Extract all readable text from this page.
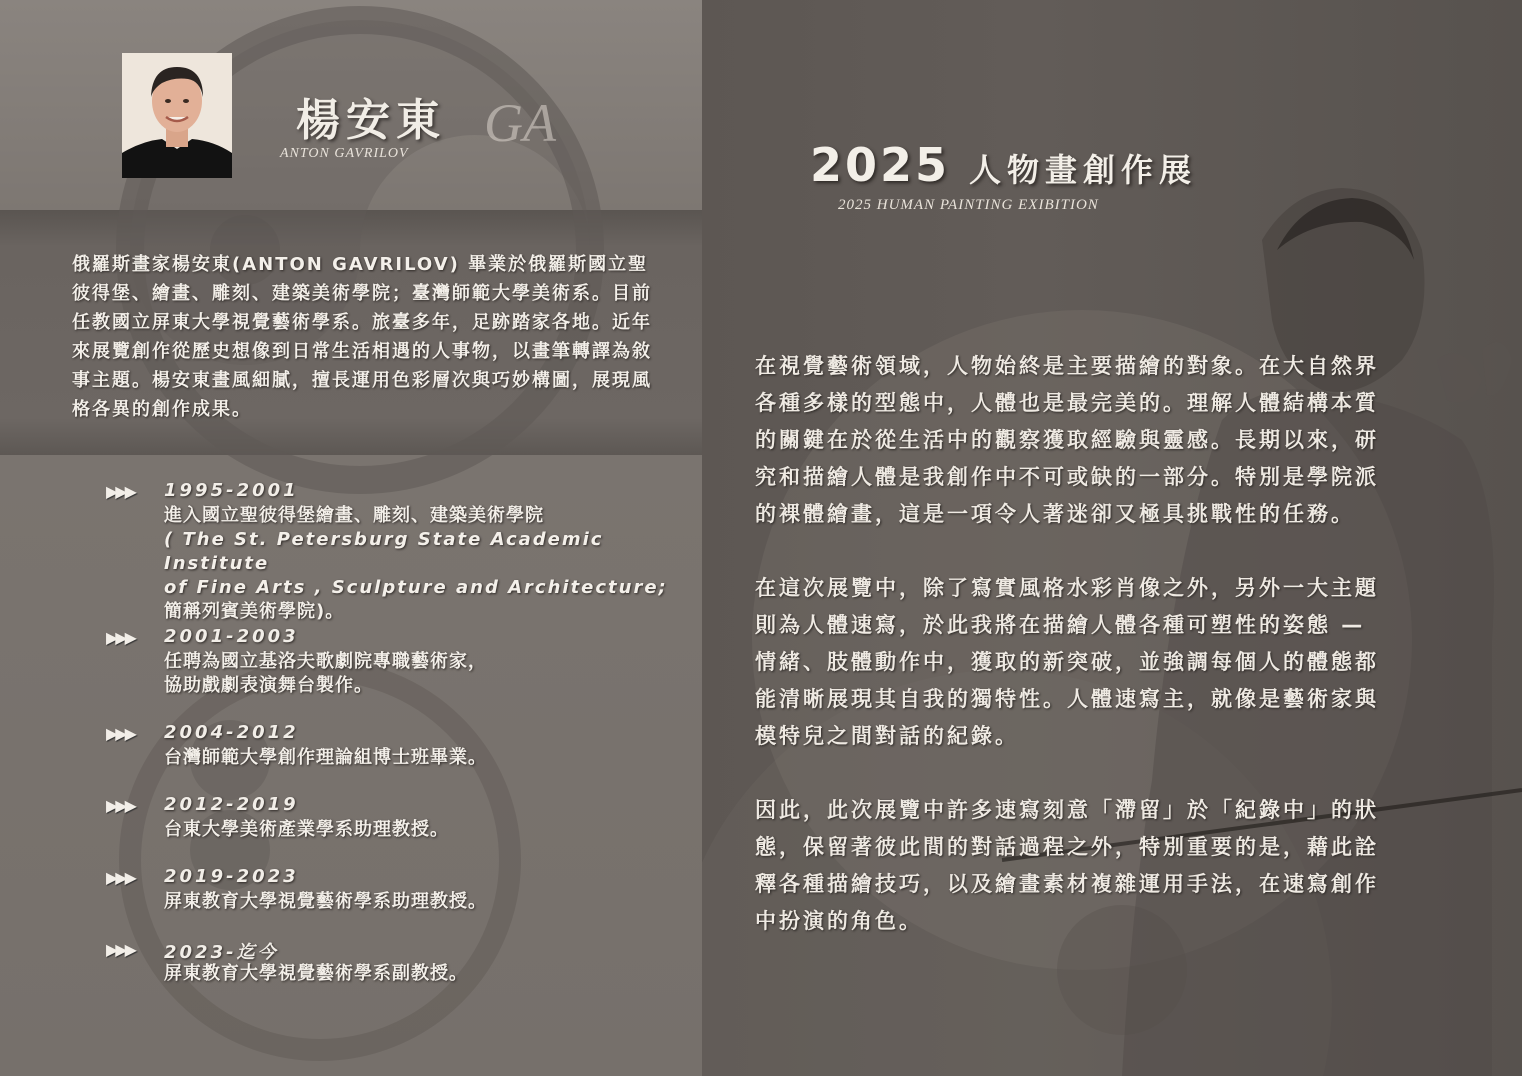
楊安東
ANTON GAVRILOV
GA
俄羅斯畫家楊安東(ANTON GAVRILOV) 畢業於俄羅斯國立聖彼得堡、繪畫、雕刻、建築美術學院；臺灣師範大學美術系。目前任教國立屏東大學視覺藝術學系。旅臺多年，足跡踏家各地。近年來展覽創作從歷史想像到日常生活相遇的人事物，以畫筆轉譯為敘事主題。楊安東畫風細膩，擅長運用色彩層次與巧妙構圖，展現風格各異的創作成果。
▶▶▶ 1995-2001
進入國立聖彼得堡繪畫、雕刻、建築美術學院
( The St. Petersburg State Academic Institute
of Fine Arts , Sculpture and Architecture;
簡稱列賓美術學院)。
▶▶▶ 2001-2003
任聘為國立基洛夫歌劇院專職藝術家，
協助戲劇表演舞台製作。
▶▶▶ 2004-2012
台灣師範大學創作理論組博士班畢業。
▶▶▶ 2012-2019
台東大學美術產業學系助理教授。
▶▶▶ 2019-2023
屏東教育大學視覺藝術學系助理教授。
▶▶▶ 2023-迄今
屏東教育大學視覺藝術學系副教授。
2025 人物畫創作展
2025 HUMAN PAINTING EXIBITION

在視覺藝術領域，人物始終是主要描繪的對象。在大自然界各種多樣的型態中，人體也是最完美的。理解人體結構本質的關鍵在於從生活中的觀察獲取經驗與靈感。長期以來，研究和描繪人體是我創作中不可或缺的一部分。特別是學院派的裸體繪畫，這是一項令人著迷卻又極具挑戰性的任務。

在這次展覽中，除了寫實風格水彩肖像之外，另外一大主題則為人體速寫，於此我將在描繪人體各種可塑性的姿態 — 情緒、肢體動作中，獲取的新突破，並強調每個人的體態都能清晰展現其自我的獨特性。人體速寫主，就像是藝術家與模特兒之間對話的紀錄。

因此，此次展覽中許多速寫刻意「滯留」於「紀錄中」的狀態，保留著彼此間的對話過程之外，特別重要的是，藉此詮釋各種描繪技巧，以及繪畫素材複雜運用手法，在速寫創作中扮演的角色。
